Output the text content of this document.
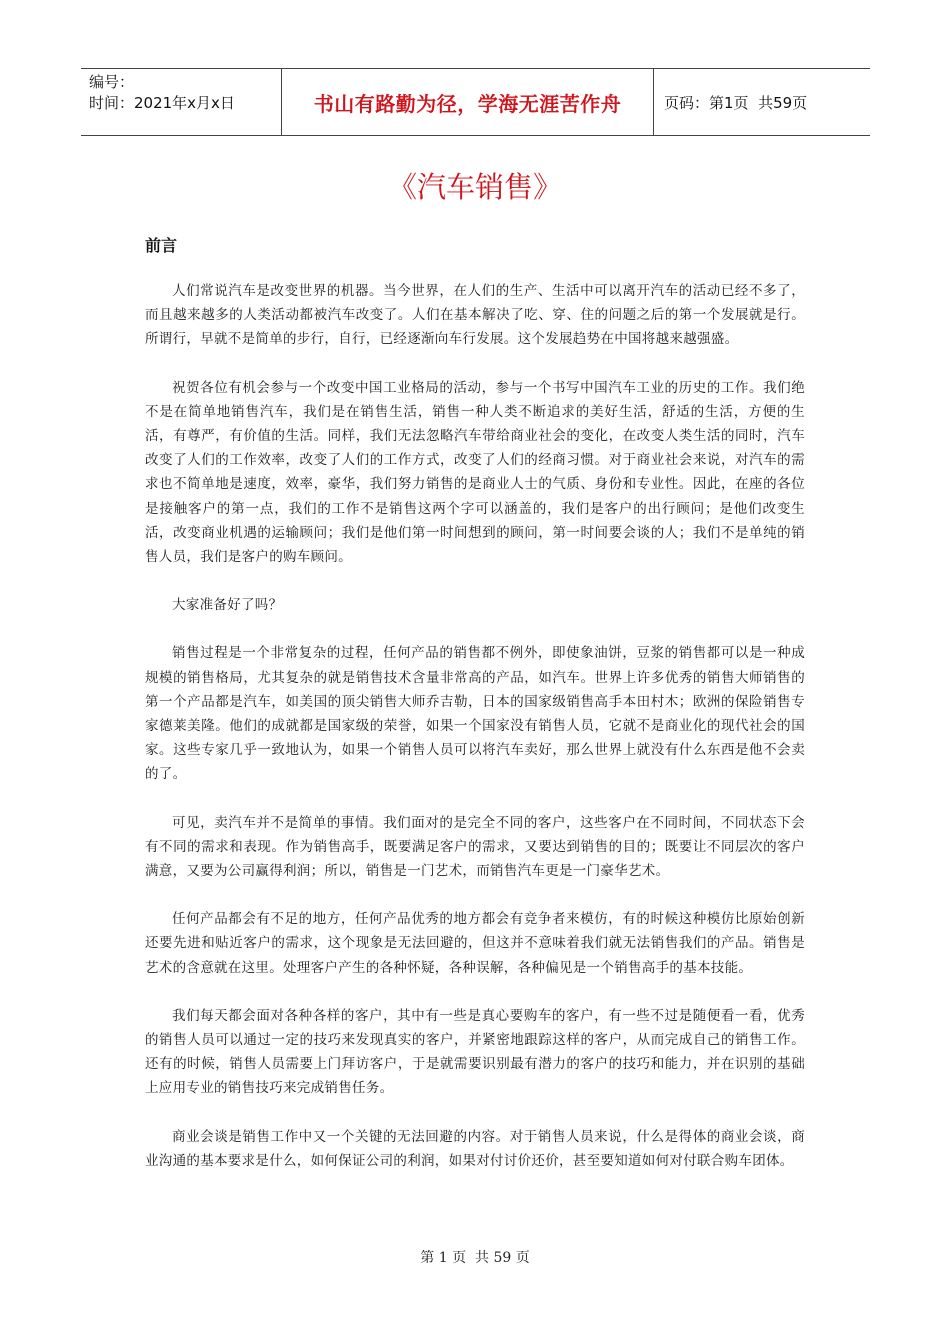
编号：
时间：2021年x月x日	书山有路勤为径，学海无涯苦作舟	页码：第1页  共59页
《汽车销售》
前言

人们常说汽车是改变世界的机器。当今世界，在人们的生产、生活中可以离开汽车的活动已经不多了，而且越来越多的人类活动都被汽车改变了。人们在基本解决了吃、穿、住的问题之后的第一个发展就是行。所谓行，早就不是简单的步行，自行，已经逐渐向车行发展。这个发展趋势在中国将越来越强盛。

祝贺各位有机会参与一个改变中国工业格局的活动，参与一个书写中国汽车工业的历史的工作。我们绝不是在简单地销售汽车，我们是在销售生活，销售一种人类不断追求的美好生活，舒适的生活，方便的生活，有尊严，有价值的生活。同样，我们无法忽略汽车带给商业社会的变化，在改变人类生活的同时，汽车改变了人们的工作效率，改变了人们的工作方式，改变了人们的经商习惯。对于商业社会来说，对汽车的需求也不简单地是速度，效率，豪华，我们努力销售的是商业人士的气质、身份和专业性。因此，在座的各位是接触客户的第一点，我们的工作不是销售这两个字可以涵盖的，我们是客户的出行顾问；是他们改变生活，改变商业机遇的运输顾问；我们是他们第一时间想到的顾问，第一时间要会谈的人；我们不是单纯的销售人员，我们是客户的购车顾问。

大家准备好了吗？

销售过程是一个非常复杂的过程，任何产品的销售都不例外，即使象油饼，豆浆的销售都可以是一种成规模的销售格局，尤其复杂的就是销售技术含量非常高的产品，如汽车。世界上许多优秀的销售大师销售的第一个产品都是汽车，如美国的顶尖销售大师乔吉勒，日本的国家级销售高手本田村木；欧洲的保险销售专家德莱美隆。他们的成就都是国家级的荣誉，如果一个国家没有销售人员，它就不是商业化的现代社会的国家。这些专家几乎一致地认为，如果一个销售人员可以将汽车卖好，那么世界上就没有什么东西是他不会卖的了。

可见，卖汽车并不是简单的事情。我们面对的是完全不同的客户，这些客户在不同时间，不同状态下会有不同的需求和表现。作为销售高手，既要满足客户的需求，又要达到销售的目的；既要让不同层次的客户满意，又要为公司赢得利润；所以，销售是一门艺术，而销售汽车更是一门豪华艺术。

任何产品都会有不足的地方，任何产品优秀的地方都会有竞争者来模仿，有的时候这种模仿比原始创新还要先进和贴近客户的需求，这个现象是无法回避的，但这并不意味着我们就无法销售我们的产品。销售是艺术的含意就在这里。处理客户产生的各种怀疑，各种误解，各种偏见是一个销售高手的基本技能。

我们每天都会面对各种各样的客户，其中有一些是真心要购车的客户，有一些不过是随便看一看，优秀的销售人员可以通过一定的技巧来发现真实的客户，并紧密地跟踪这样的客户，从而完成自己的销售工作。还有的时候，销售人员需要上门拜访客户，于是就需要识别最有潜力的客户的技巧和能力，并在识别的基础上应用专业的销售技巧来完成销售任务。

商业会谈是销售工作中又一个关键的无法回避的内容。对于销售人员来说，什么是得体的商业会谈，商业沟通的基本要求是什么，如何保证公司的利润，如果对付讨价还价，甚至要知道如何对付联合购车团体。

第 1 页  共 59 页
